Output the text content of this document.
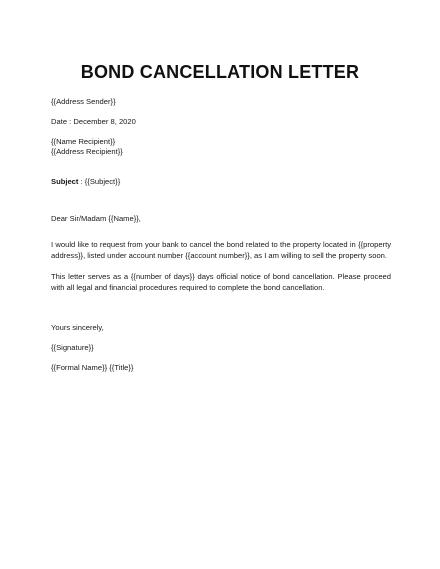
BOND CANCELLATION LETTER
{{Address Sender}}
Date : December 8, 2020
{{Name Recipient}}
{{Address Recipient}}
Subject : {{Subject}}
Dear Sir/Madam {{Name}},
I would like to request from your bank to cancel the bond related to the property located in {{property address}}, listed under account number {{account number}}, as I am willing to sell the property soon.
This letter serves as a {{number of days}} days official notice of bond cancellation. Please proceed with all legal and financial procedures required to complete the bond cancellation.
Yours sincerely,
{{Signature}}
{{Formal Name}} {{Title}}
